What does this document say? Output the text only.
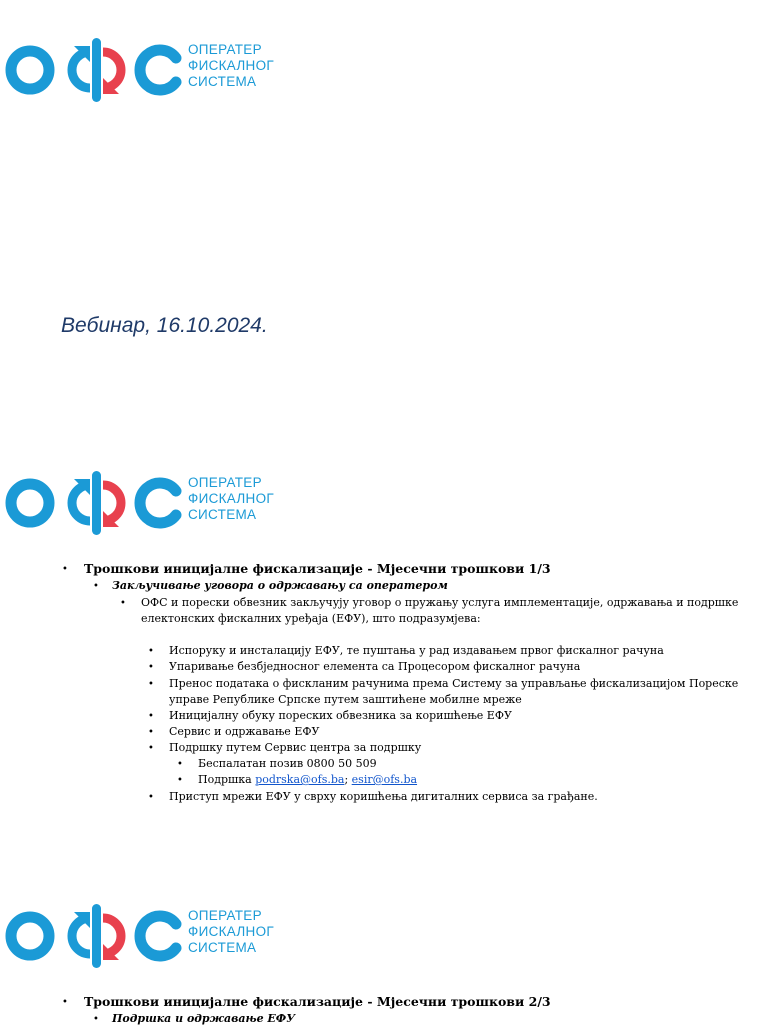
ОПЕРАТЕР
ФИСКАЛНОГ
СИСТЕМА
Вебинар, 16.10.2024.
ОПЕРАТЕР
ФИСКАЛНОГ
СИСТЕМА
• Трошкови иницијалне фискализације - Мјесечни трошкови 1/3
• Закључивање уговора о одржавању са оператером
• ОФС и порески обвезник закључују уговор о пружању услуга имплементације, одржавања и подршке
електонских фискалних уређаја (ЕФУ), што подразумјева:
• Испоруку и инсталацију ЕФУ, те пуштања у рад издавањем првог фискалног рачуна
• Упаривање безбједносног елемента са Процесором фискалног рачуна
• Пренос података о фискланим рачунима према Систему за управљање фискализацијом Пореске
управе Републике Српске путем заштићене мобилне мреже
• Иницијалну обуку пореских обвезника за коришћење ЕФУ
• Сервис и одржавање ЕФУ
• Подршку путем Сервис центра за подршку
• Беспалатан позив 0800 50 509
• Подршка podrska@ofs.ba; esir@ofs.ba
• Приступ мрежи ЕФУ у сврху коришћења дигиталних сервиса за грађане.
ОПЕРАТЕР
ФИСКАЛНОГ
СИСТЕМА
• Трошкови иницијалне фискализације - Мјесечни трошкови 2/3
• Подршка и одржавање ЕФУ
